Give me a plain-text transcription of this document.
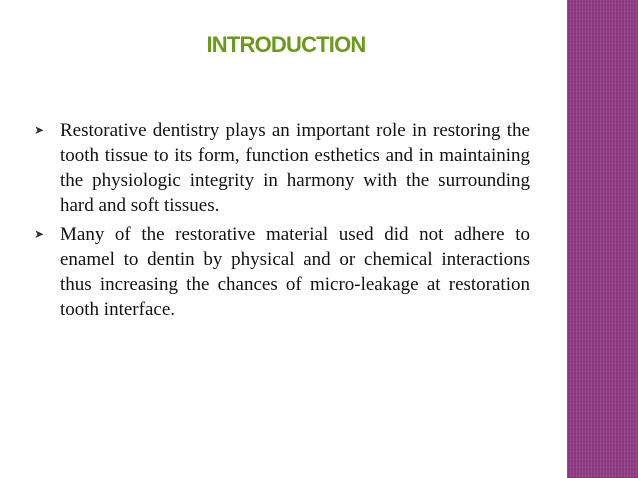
INTRODUCTION
➤ Restorative dentistry plays an important role in restoring the tooth tissue to its form, function esthetics and in maintaining the physiologic integrity in harmony with the surrounding hard and soft tissues.
➤ Many of the restorative material used did not adhere to enamel to dentin by physical and or chemical interactions thus increasing the chances of micro-leakage at restoration tooth interface.
